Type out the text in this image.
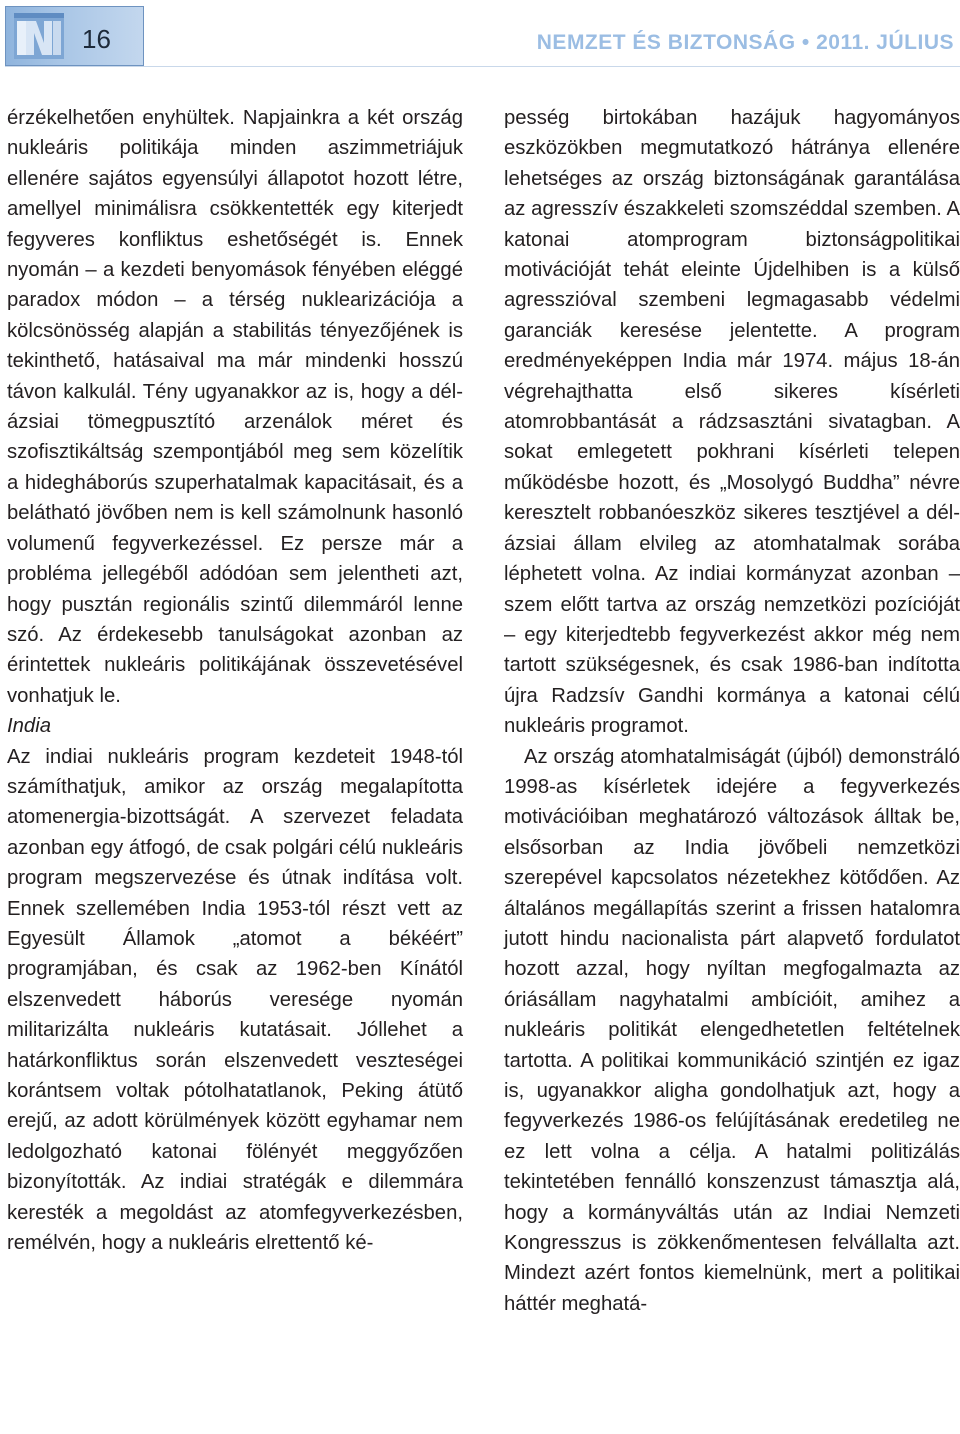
16	NEMZET ÉS BIZTONSÁG • 2011. JÚLIUS

érzékelhetően enyhültek. Napjainkra a két ország nukleáris politikája minden aszimmetriájuk ellenére sajátos egyensúlyi állapotot hozott létre, amellyel minimálisra csökkentették egy kiterjedt fegyveres konfliktus eshetőségét is. Ennek nyomán – a kezdeti benyomások fényében eléggé paradox módon – a térség nuklearizációja a kölcsönösség alapján a stabilitás tényezőjének is tekinthető, hatásaival ma már mindenki hosszú távon kalkulál. Tény ugyanakkor az is, hogy a dél-ázsiai tömegpusztító arzenálok méret és szofisztikáltság szempontjából meg sem közelítik a hidegháborús szuperhatalmak kapacitásait, és a belátható jövőben nem is kell számolnunk hasonló volumenű fegyverkezéssel. Ez persze már a probléma jellegéből adódóan sem jelentheti azt, hogy pusztán regionális szintű dilemmáról lenne szó. Az érdekesebb tanulságokat azonban az érintettek nukleáris politikájának összevetésével vonhatjuk le.

India

Az indiai nukleáris program kezdeteit 1948-tól számíthatjuk, amikor az ország megalapította atomenergia-bizottságát. A szervezet feladata azonban egy átfogó, de csak polgári célú nukleáris program megszervezése és útnak indítása volt. Ennek szellemében India 1953-tól részt vett az Egyesült Államok „atomot a békéért” programjában, és csak az 1962-ben Kínától elszenvedett háborús veresége nyomán militarizálta nukleáris kutatásait. Jóllehet a határkonfliktus során elszenvedett veszteségei korántsem voltak pótolhatatlanok, Peking átütő erejű, az adott körülmények között egyhamar nem ledolgozható katonai fölényét meggyőzően bizonyították. Az indiai stratégák e dilemmára keresték a megoldást az atomfegyverkezésben, remélvén, hogy a nukleáris elrettentő ké-

pesség birtokában hazájuk hagyományos eszközökben megmutatkozó hátránya ellenére lehetséges az ország biztonságának garantálása az agresszív északkeleti szomszéddal szemben. A katonai atomprogram biztonságpolitikai motivációját tehát eleinte Újdelhiben is a külső agresszióval szembeni legmagasabb védelmi garanciák keresése jelentette. A program eredményeképpen India már 1974. május 18-án végrehajthatta első sikeres kísérleti atomrobbantását a rádzsasztáni sivatagban. A sokat emlegetett pokhrani kísérleti telepen működésbe hozott, és „Mosolygó Buddha” névre keresztelt robbanóeszköz sikeres tesztjével a dél-ázsiai állam elvileg az atomhatalmak sorába léphetett volna. Az indiai kormányzat azonban – szem előtt tartva az ország nemzetközi pozícióját – egy kiterjedtebb fegyverkezést akkor még nem tartott szükségesnek, és csak 1986-ban indította újra Radzsív Gandhi kormánya a katonai célú nukleáris programot.

Az ország atomhatalmiságát (újból) demonstráló 1998-as kísérletek idejére a fegyverkezés motivációiban meghatározó változások álltak be, elsősorban az India jövőbeli nemzetközi szerepével kapcsolatos nézetekhez kötődően. Az általános megállapítás szerint a frissen hatalomra jutott hindu nacionalista párt alapvető fordulatot hozott azzal, hogy nyíltan megfogalmazta az óriásállam nagyhatalmi ambícióit, amihez a nukleáris politikát elengedhetetlen feltételnek tartotta. A politikai kommunikáció szintjén ez igaz is, ugyanakkor aligha gondolhatjuk azt, hogy a fegyverkezés 1986-os felújításának eredetileg ne ez lett volna a célja. A hatalmi politizálás tekintetében fennálló konszenzust támasztja alá, hogy a kormányváltás után az Indiai Nemzeti Kongresszus is zökkenőmentesen felvállalta azt. Mindezt azért fontos kiemelnünk, mert a politikai háttér meghatá-
